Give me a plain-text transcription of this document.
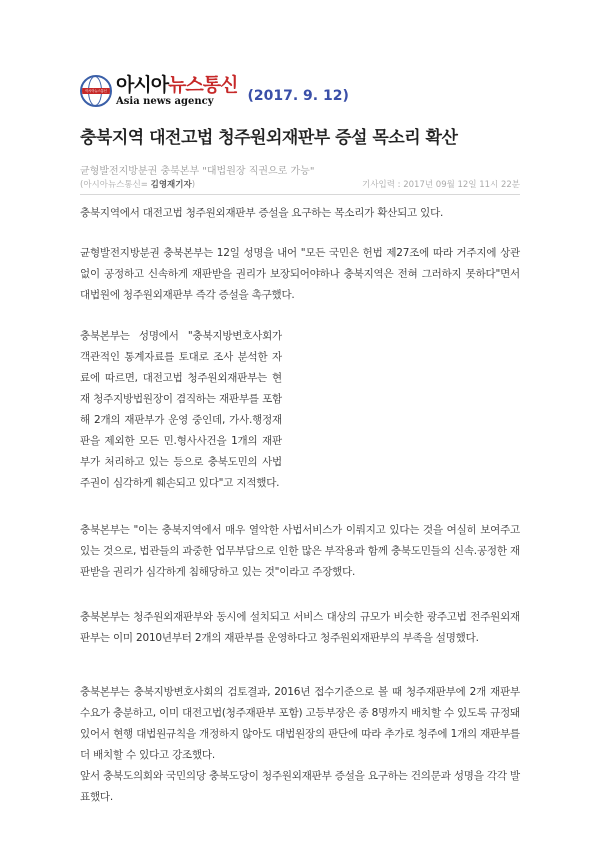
아시아뉴스통신 아시아뉴스통신
Asia news agency	(2017. 9. 12)
충북지역 대전고법 청주원외재판부 증설 목소리 확산
균형발전지방분권 충북본부 "대법원장 직권으로 가능"
(아시아뉴스통신= 김영재기자)	기사입력 : 2017년 09월 12일 11시 22분

충북지역에서 대전고법 청주원외재판부 증설을 요구하는 목소리가 확산되고 있다.

균형발전지방분권 충북본부는 12일 성명을 내어 "모든 국민은 헌법 제27조에 따라 거주지에 상관없이 공정하고 신속하게 재판받을 권리가 보장되어야하나 충북지역은 전혀 그러하지 못하다"면서 대법원에 청주원외재판부 즉각 증설을 촉구했다.

충북본부는 성명에서 "충북지방변호사회가 객관적인 통계자료를 토대로 조사 분석한 자료에 따르면, 대전고법 청주원외재판부는 현재 청주지방법원장이 겸직하는 재판부를 포함해 2개의 재판부가 운영 중인데, 가사.행정재판을 제외한 모든 민.형사사건을 1개의 재판부가 처리하고 있는 등으로 충북도민의 사법주권이 심각하게 훼손되고 있다"고 지적했다.

충북본부는 "이는 충북지역에서 매우 열악한 사법서비스가 이뤄지고 있다는 것을 여실히 보여주고 있는 것으로, 법관들의 과중한 업무부담으로 인한 많은 부작용과 함께 충북도민들의 신속.공정한 재판받을 권리가 심각하게 침해당하고 있는 것"이라고 주장했다.

충북본부는 청주원외재판부와 동시에 설치되고 서비스 대상의 규모가 비슷한 광주고법 전주원외재판부는 이미 2010년부터 2개의 재판부를 운영하다고 청주원외재판부의 부족을 설명했다.

충북본부는 충북지방변호사회의 검토결과, 2016년 접수기준으로 볼 때 청주재판부에 2개 재판부 수요가 충분하고, 이미 대전고법(청주재판부 포함) 고등부장은 종 8명까지 배치할 수 있도록 규정돼 있어서 현행 대법원규칙을 개정하지 않아도 대법원장의 판단에 따라 추가로 청주에 1개의 재판부를 더 배치할 수 있다고 강조했다.

앞서 충북도의회와 국민의당 충북도당이 청주원외재판부 증설을 요구하는 건의문과 성명을 각각 발표했다.
